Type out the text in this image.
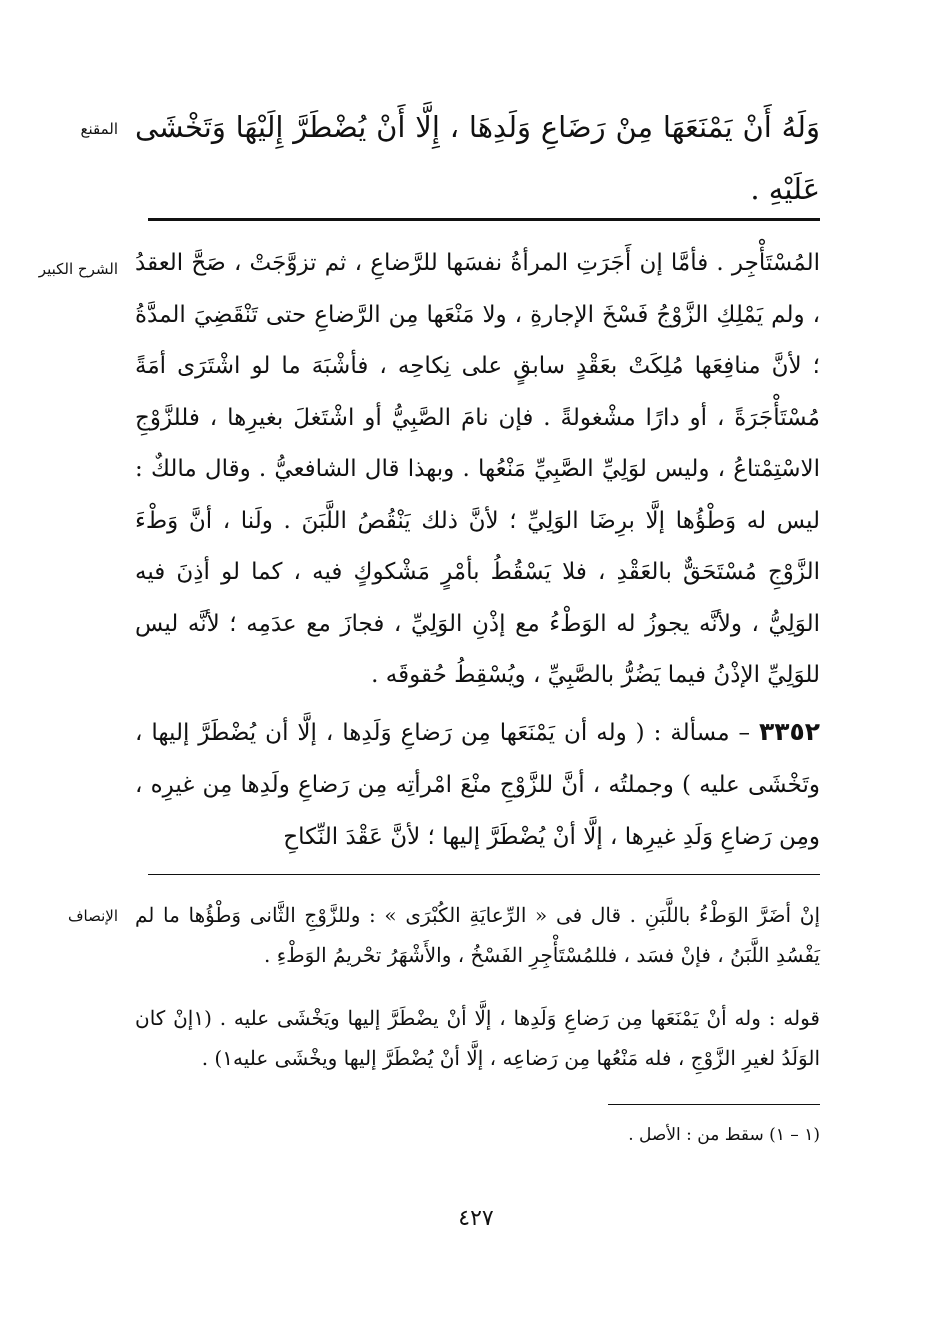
المقنع وَلَهُ أَنْ يَمْنَعَهَا مِنْ رَضَاعِ وَلَدِهَا ، إِلَّا أَنْ يُضْطَرَّ إِلَيْهَا وَتَخْشَى عَلَيْهِ .

الشرح الكبير المُسْتَأْجِر . فأمَّا إن أَجَرَتِ المرأةُ نفسَها للرَّضاعِ ، ثم تزوَّجَتْ ، صَحَّ العقدُ ، ولم يَمْلِكِ الزَّوْجُ فَسْخَ الإجارةِ ، ولا مَنْعَها مِن الرَّضاعِ حتى تَنْقَضِيَ المدَّةُ ؛ لأنَّ منافِعَها مُلِكَتْ بعَقْدٍ سابقٍ على نِكاحِه ، فأشْبَهَ ما لو اشْتَرَى أمَةً مُسْتَأْجَرَةً ، أو دارًا مشْغولةً . فإن نامَ الصَّبِيُّ أو اشْتَغلَ بغيرِها ، فللزَّوْجِ الاسْتِمْتاعُ ، وليس لوَلِيِّ الصَّبِيِّ مَنْعُها . وبهذا قال الشافعيُّ . وقال مالكٌ : ليس له وَطْؤُها إلَّا برِضَا الوَلِيِّ ؛ لأنَّ ذلك يَنْقُصُ اللَّبَنَ . ولَنا ، أنَّ وَطْءَ الزَّوْجِ مُسْتَحَقٌّ بالعَقْدِ ، فلا يَسْقُطُ بأمْرٍ مَشْكوكٍ فيه ، كما لو أذِنَ فيه الوَلِيُّ ، ولأنَّه يجوزُ له الوَطْءُ مع إذْنِ الوَلِيِّ ، فجازَ مع عدَمِه ؛ لأنَّه ليس للوَلِيِّ الإذْنُ فيما يَضُرُّ بالصَّبِيِّ ، ويُسْقِطُ حُقوقَه .

٣٣٥٢ – مسألة : ( وله أن يَمْنَعَها مِن رَضاعِ وَلَدِها ، إلَّا أن يُضْطَرَّ إليها ، وتَخْشَى عليه ) وجملتُه ، أنَّ للزَّوْجِ منْعَ امْرأتِه مِن رَضاعِ ولَدِها مِن غيرِه ، ومِن رَضاعِ وَلَدِ غيرِها ، إلَّا أنْ يُضْطَرَّ إليها ؛ لأنَّ عَقْدَ النِّكاحِ

الإنصاف إنْ أضَرَّ الوَطْءُ باللَّبَنِ . قال فى « الرِّعايَةِ الكُبْرَى » : وللزَّوْجِ الثَّانى وَطْؤُها ما لم يَفْسُدِ اللَّبَنُ ، فإنْ فسَد ، فللمُسْتَأْجِرِ الفَسْخُ ، والأَشْهَرُ تحْريمُ الوَطْءِ .

قوله : وله أنْ يَمْنَعَها مِن رَضاعِ وَلَدِها ، إلَّا أنْ يضْطَرَّ إليها ويَخْشَى عليه . (١إنْ كان الوَلَدُ لغيرِ الزَّوْجِ ، فله مَنْعُها مِن رَضاعِه ، إلَّا أنْ يُضْطَرَّ إليها ويخْشَى عليه١) .

(١ – ١) سقط من : الأصل .

٤٢٧
